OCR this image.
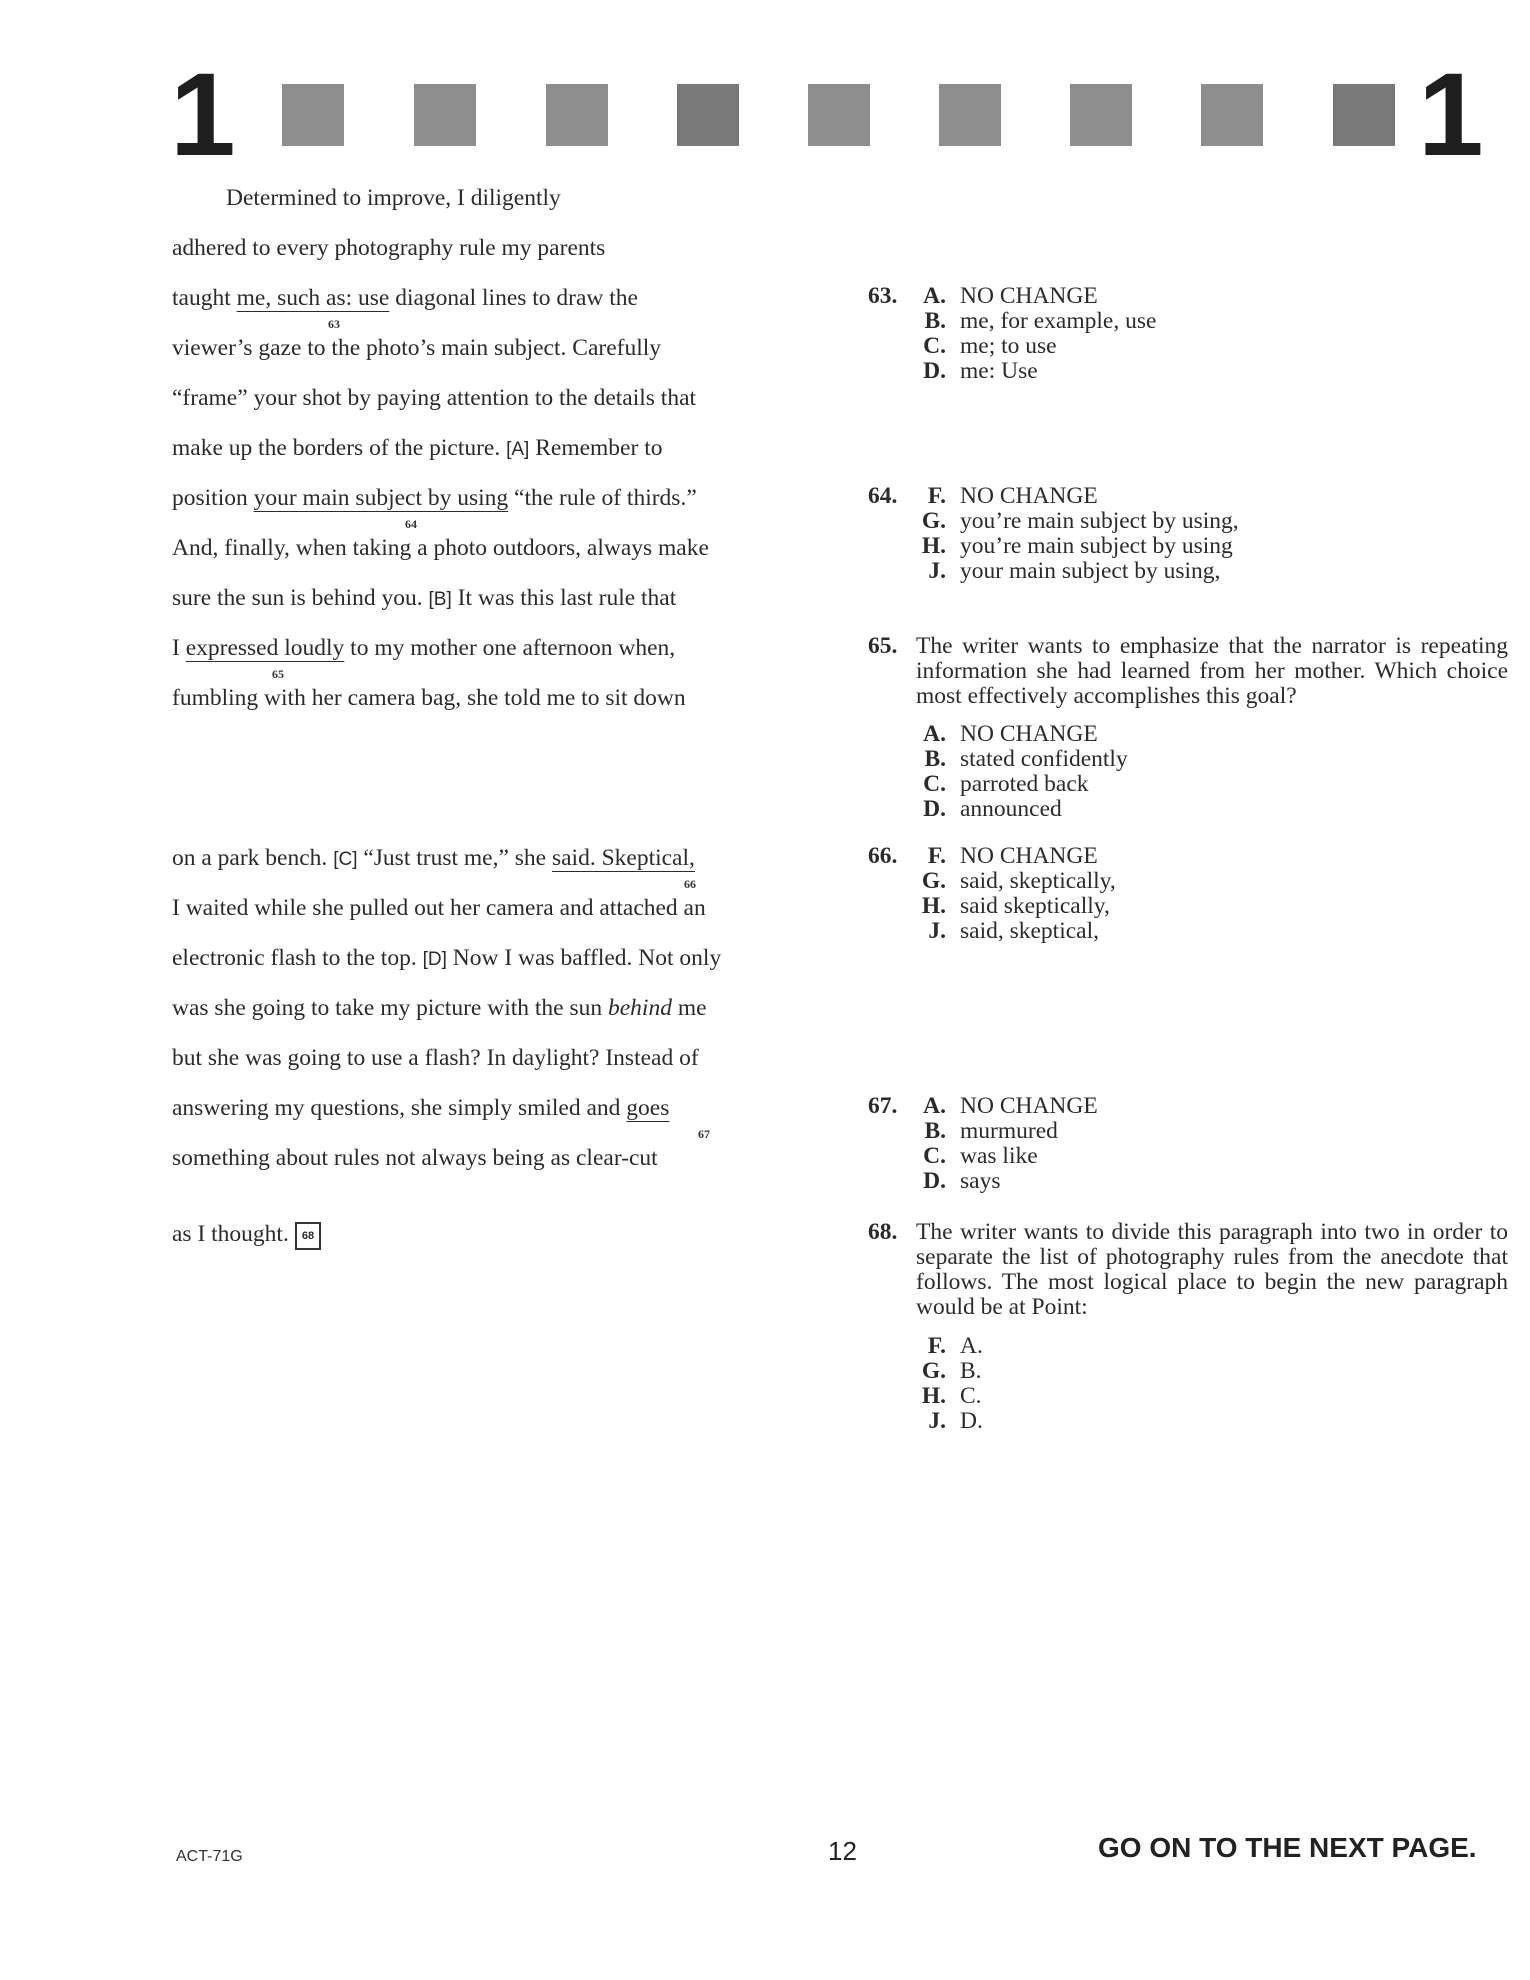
1	1
Determined to improve, I diligently
adhered to every photography rule my parents
taught me, such as: use diagonal lines to draw the
63
viewer’s gaze to the photo’s main subject. Carefully
“frame” your shot by paying attention to the details that
make up the borders of the picture. [A] Remember to
position your main subject by using “the rule of thirds.”
64
And, finally, when taking a photo outdoors, always make
sure the sun is behind you. [B] It was this last rule that
I expressed loudly to my mother one afternoon when,
65
fumbling with her camera bag, she told me to sit down
on a park bench. [C] “Just trust me,” she said. Skeptical,
66
I waited while she pulled out her camera and attached an
electronic flash to the top. [D] Now I was baffled. Not only
was she going to take my picture with the sun behind me
but she was going to use a flash? In daylight? Instead of
answering my questions, she simply smiled and goes
67
something about rules not always being as clear-cut
as I thought. 68
63.	A. NO CHANGE
B. me, for example, use
C. me; to use
D. me: Use
64.	F. NO CHANGE
G. you’re main subject by using,
H. you’re main subject by using
J. your main subject by using,
65. The writer wants to emphasize that the narrator is repeating information she had learned from her mother. Which choice most effectively accomplishes this goal?
A. NO CHANGE
B. stated confidently
C. parroted back
D. announced
66.	F. NO CHANGE
G. said, skeptically,
H. said skeptically,
J. said, skeptical,
67.	A. NO CHANGE
B. murmured
C. was like
D. says
68. The writer wants to divide this paragraph into two in order to separate the list of photography rules from the anecdote that follows. The most logical place to begin the new paragraph would be at Point:
F. A.
G. B.
H. C.
J. D.
ACT-71G	12	GO ON TO THE NEXT PAGE.
